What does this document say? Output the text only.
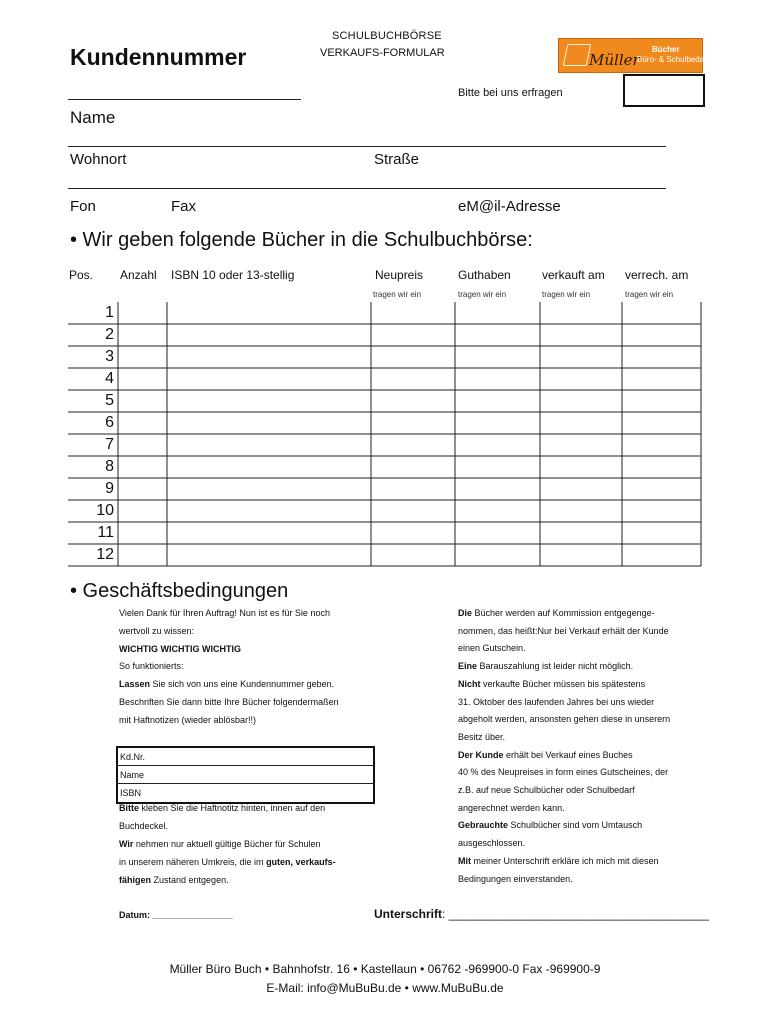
Kundennummer
SCHULBUCHBÖRSE
VERKAUFS-FORMULAR	Müller
Bücher
Büro- & Schulbedarf
Bitte bei uns erfragen
Name
Wohnort	Straße
Fon	Fax	eM@il-Adresse
• Wir geben folgende Bücher in die Schulbuchbörse:
Pos. Anzahl ISBN 10 oder 13-stellig	Neupreis	Guthaben	verkauft am verrech. am
tragen wir ein	tragen wir ein	tragen wir ein	tragen wir ein
1
2
3
4
5
6
7
8
9
10
11
12
• Geschäftsbedingungen
Vielen Dank für Ihren Auftrag! Nun ist es für Sie noch
wertvoll zu wissen:
WICHTIG WICHTIG WICHTIG
So funktionierts:
Lassen Sie sich von uns eine Kundennummer geben.
Beschriften Sie dann bitte Ihre Bücher folgendermaßen
mit Haftnotizen (wieder ablösbar!!)
Kd.Nr.
Name
ISBN
Bitte kleben Sie die Haftnotitz hinten, innen auf den
Buchdeckel.
Wir nehmen nur aktuell gültige Bücher für Schulen
in unserem näheren Umkreis, die im guten, verkaufs-
fähigen Zustand entgegen.
Die Bücher werden auf Kommission entgegenge-
nommen, das heißt:Nur bei Verkauf erhält der Kunde
einen Gutschein.
Eine Barauszahlung ist leider nicht möglich.
Nicht verkaufte Bücher müssen bis spätestens
31. Oktober des laufenden Jahres bei uns wieder
abgeholt werden, ansonsten gehen diese in unserern
Besitz über.
Der Kunde erhält bei Verkauf eines Buches
40 % des Neupreises in form eines Gutscheines, der
z.B. auf neue Schulbücher oder Schulbedarf
angerechnet werden kann.
Gebrauchte Schulbücher sind vom Umtausch
ausgeschlossen.
Mit meiner Unterschrift erkläre ich mich mit diesen
Bedingungen einverstanden.
Datum: ________________	Unterschrift: _______________________________________
Müller Büro Buch • Bahnhofstr. 16 • Kastellaun • 06762 -969900-0 Fax -969900-9
E-Mail: info@MuBuBu.de • www.MuBuBu.de
